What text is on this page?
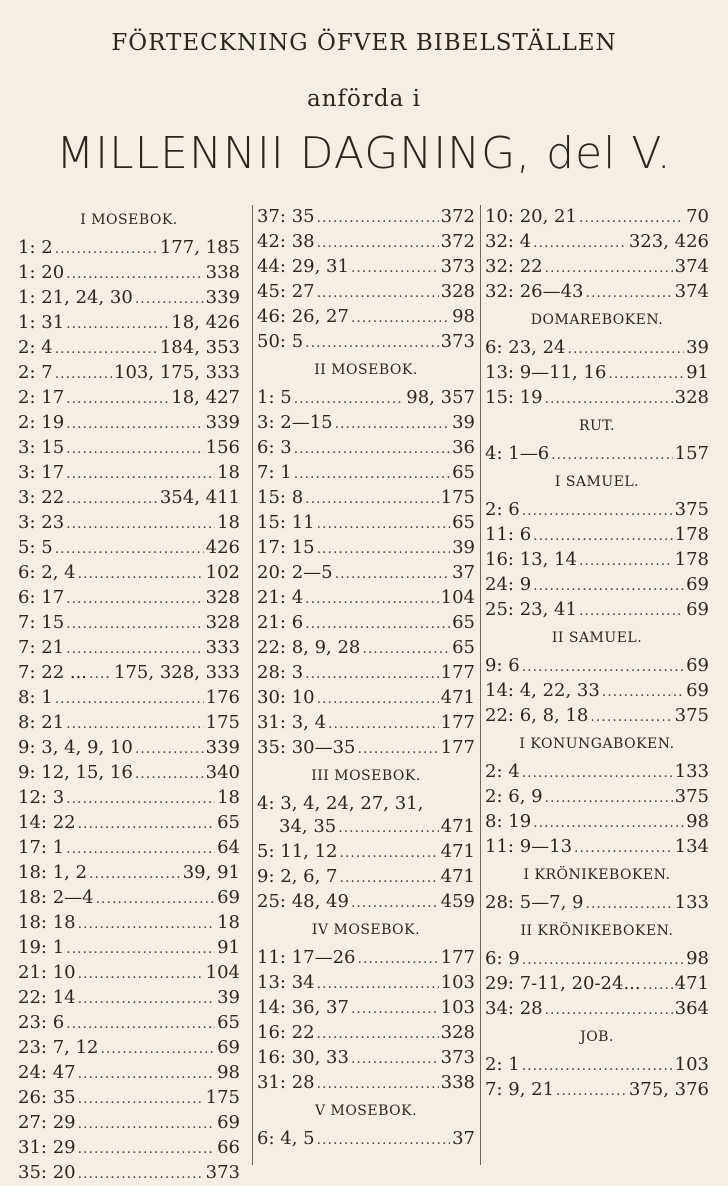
FÖRTECKNING ÖFVER BIBELSTÄLLEN
anförda i
MILLENNII DAGNING, del V.
I MOSEBOK.
1: 2 .....	177, 185
1: 20 .....	338
1: 21, 24, 30 .....	339
1: 31 .....	18, 426
2: 4 .....	184, 353
2: 7 .....	103, 175, 333
2: 17 .....	18, 427
2: 19 .....	339
3: 15 .....	156
3: 17 .....	18
3: 22 .....	354, 411
3: 23 .....	18
5: 5 .....	426
6: 2, 4 .....	102
6: 17 .....	328
7: 15 .....	328
7: 21 .....	333
7: 22 ... ..... 175, 328, 333
8: 1 .....	176
8: 21 .....	175
9: 3, 4, 9, 10 .....	339
9: 12, 15, 16 .....	340
12: 3 .....	18
14: 22 .....	65
17: 1 .....	64
18: 1, 2 .....	39, 91
18: 2—4 .....	69
18: 18 .....	18
19: 1 .....	91
21: 10 .....	104
22: 14 .....	39
23: 6 .....	65
23: 7, 12 .....	69
24: 47 .....	98
26: 35 .....	175
27: 29 .....	69
31: 29 .....	66
35: 20 .....	373
37: 35 .....	372
42: 38 .....	372
44: 29, 31 .....	373
45: 27 .....	328
46: 26, 27 .....	98
50: 5 .....	373
II MOSEBOK.
1: 5 .....	98, 357
3: 2—15 .....	39
6: 3 .....	36
7: 1 .....	65
15: 8 .....	175
15: 11 .....	65
17: 15 .....	39
20: 2—5 .....	37
21: 4 .....	104
21: 6 .....	65
22: 8, 9, 28 .....	65
28: 3 .....	177
30: 10 .....	471
31: 3, 4 .....	177
35: 30—35 .....	177
III MOSEBOK.
4: 3, 4, 24, 27, 31,
34, 35 .....	471
5: 11, 12 .....	471
9: 2, 6, 7 .....	471
25: 48, 49 .....	459
IV MOSEBOK.
11: 17—26 .....	177
13: 34 .....	103
14: 36, 37 .....	103
16: 22 .....	328
16: 30, 33 .....	373
31: 28 .....	338
V MOSEBOK.
6: 4, 5 .....	37
10: 20, 21 .....	70
32: 4 .....	323, 426
32: 22 .....	374
32: 26—43 .....	374
DOMAREBOKEN.
6: 23, 24 .....	39
13: 9—11, 16 .....	91
15: 19 .....	328
RUT.
4: 1—6 .....	157
I SAMUEL.
2: 6 .....	375
11: 6 .....	178
16: 13, 14 .....	178
24: 9 .....	69
25: 23, 41 .....	69
II SAMUEL.
9: 6 .....	69
14: 4, 22, 33 .....	69
22: 6, 8, 18 .....	375
I KONUNGABOKEN.
2: 4 .....	133
2: 6, 9 .....	375
8: 19 .....	98
11: 9—13 .....	134
I KRÖNIKEBOKEN.
28: 5—7, 9 .....	133
II KRÖNIKEBOKEN.
6: 9 .....	98
29: 7-11, 20-24... ..... 471
34: 28 .....	364
JOB.
2: 1 .....	103
7: 9, 21 .....	375, 376
